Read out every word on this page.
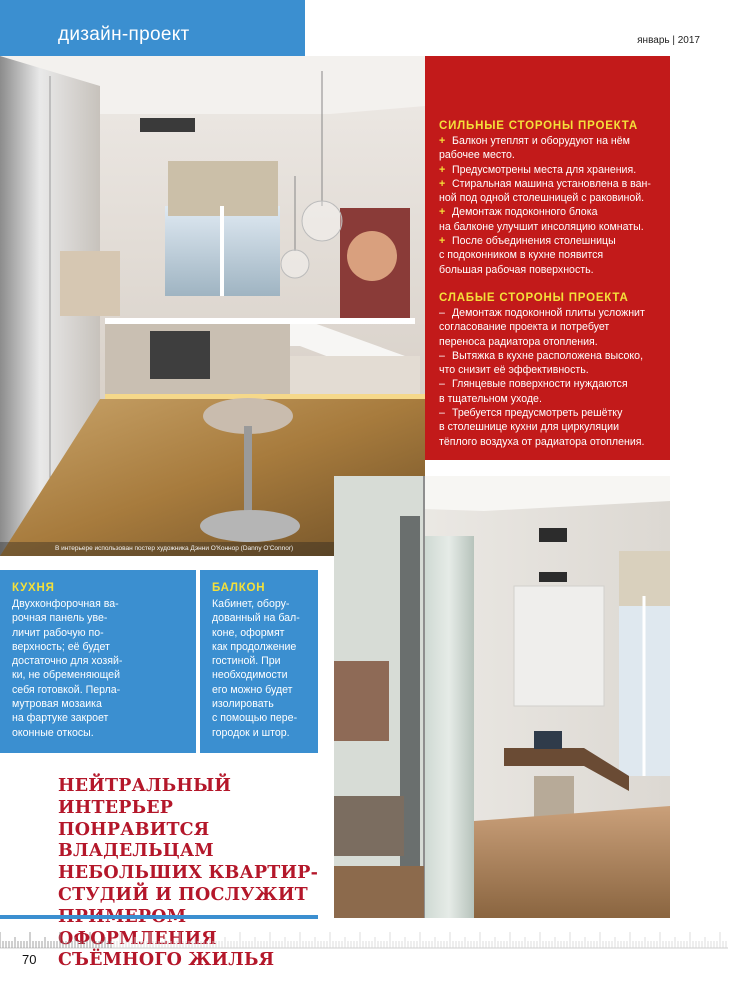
дизайн-проект	январь | 2017
В интерьере использован постер художника Дэнни О'Коннор (Danny O'Connor)
СИЛЬНЫЕ СТОРОНЫ ПРОЕКТА
+ Балкон утеплят и оборудуют на нём
рабочее место.
+ Предусмотрены места для хранения.
+ Стиральная машина установлена в ван-
ной под одной столешницей с раковиной.
+ Демонтаж подоконного блока
на балконе улучшит инсоляцию комнаты.
+ После объединения столешницы
с подоконником в кухне появится
большая рабочая поверхность.
СЛАБЫЕ СТОРОНЫ ПРОЕКТА
– Демонтаж подоконной плиты усложнит
согласование проекта и потребует
переноса радиатора отопления.
– Вытяжка в кухне расположена высоко,
что снизит её эффективность.
– Глянцевые поверхности нуждаются
в тщательном уходе.
– Требуется предусмотреть решётку
в столешнице кухни для циркуляции
тёплого воздуха от радиатора отопления.
КУХНЯ
Двухконфорочная ва-
рочная панель уве-
личит рабочую по-
верхность; её будет
достаточно для хозяй-
ки, не обременяющей
себя готовкой. Перла-
мутровая мозаика
на фартуке закроет
оконные откосы.
БАЛКОН
Кабинет, обору-
дованный на бал-
коне, оформят
как продолжение
гостиной. При
необходимости
его можно будет
изолировать
с помощью пере-
городок и штор.
НЕЙТРАЛЬНЫЙ ИНТЕРЬЕР
ПОНРАВИТСЯ ВЛАДЕЛЬЦАМ
НЕБОЛЬШИХ КВАРТИР-
СТУДИЙ И ПОСЛУЖИТ
ОФОРМЛЕНИЯ
СЪЁМНОГО ЖИЛЬЯ
70
